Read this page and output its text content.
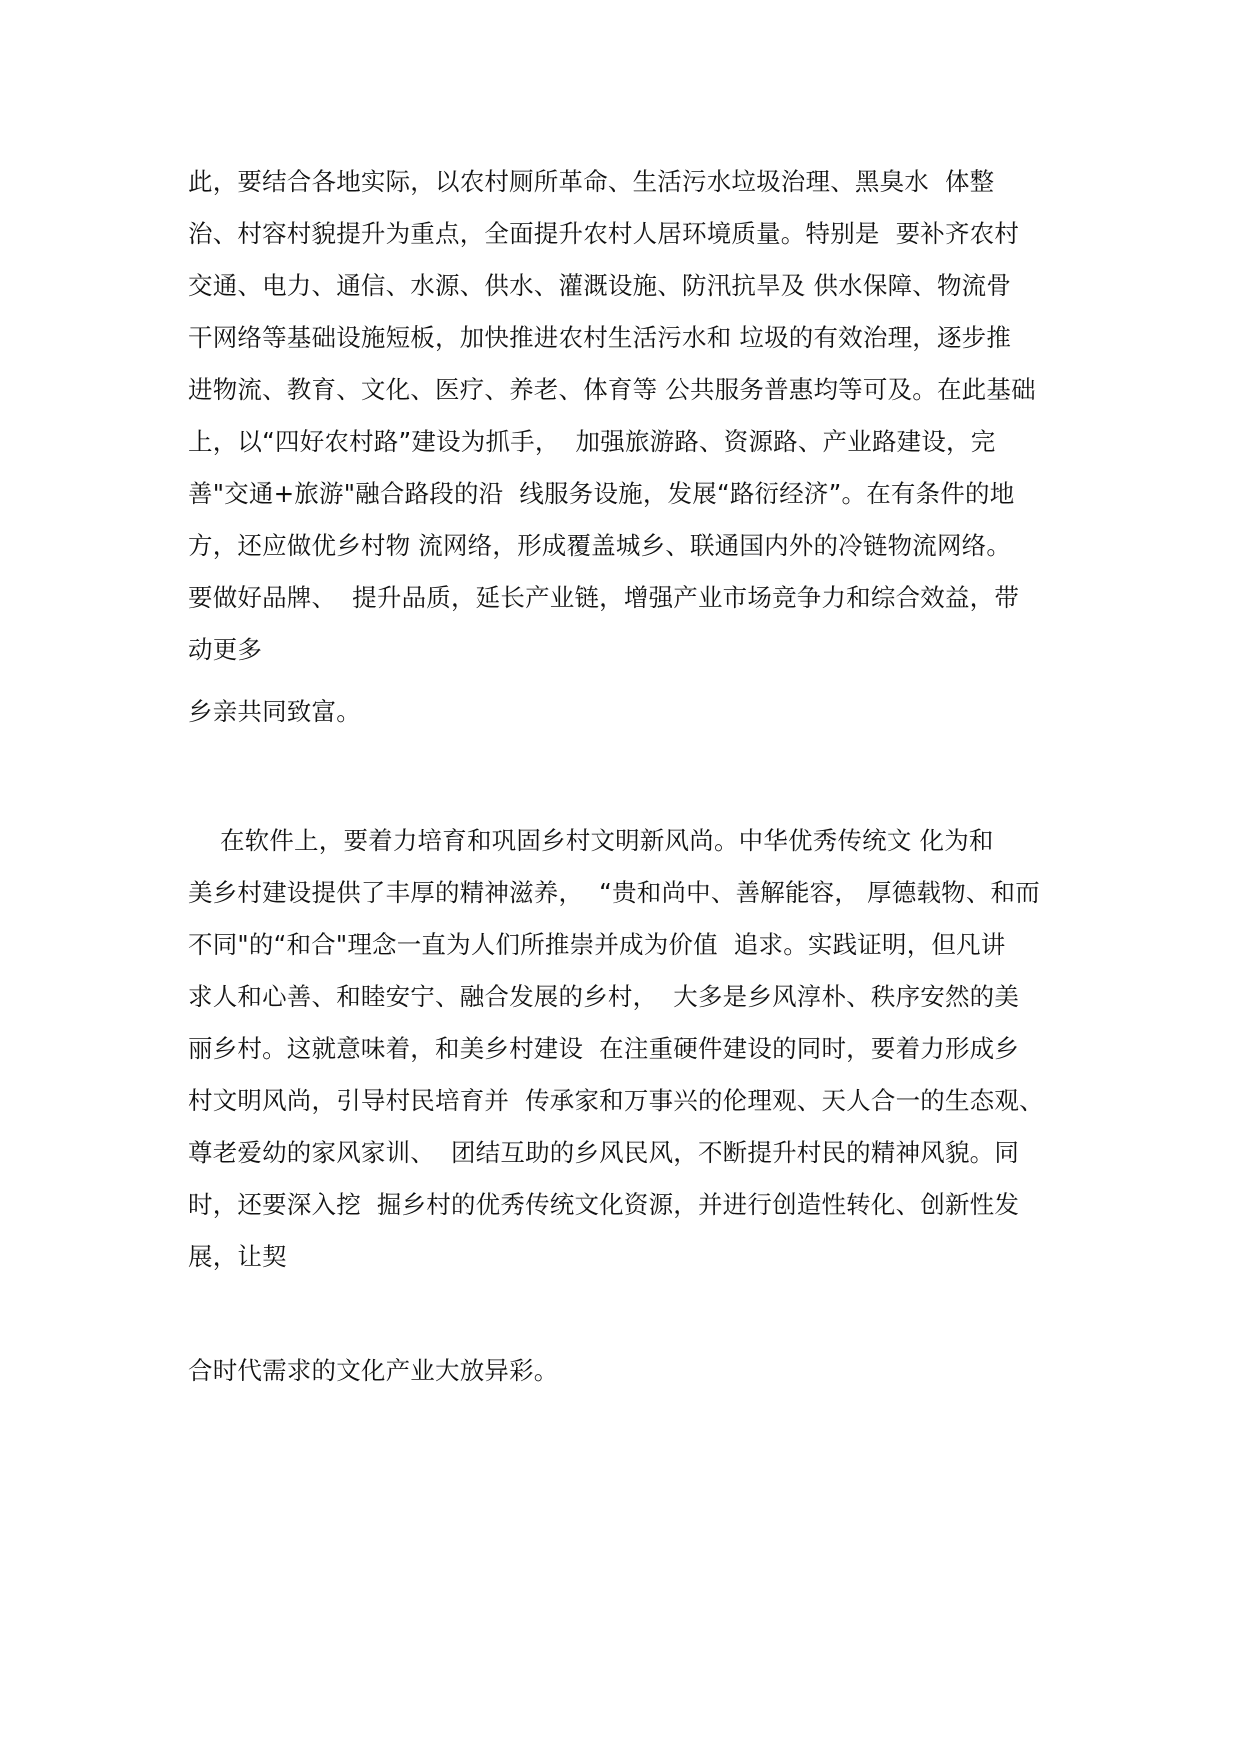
此，要结合各地实际，以农村厕所革命、生活污水垃圾治理、黑臭水  体整
治、村容村貌提升为重点，全面提升农村人居环境质量。特别是  要补齐农村
交通、电力、通信、水源、供水、灌溉设施、防汛抗旱及 供水保障、物流骨
干网络等基础设施短板，加快推进农村生活污水和 垃圾的有效治理，逐步推
进物流、教育、文化、医疗、养老、体育等 公共服务普惠均等可及。在此基础
上，以“四好农村路”建设为抓手，  加强旅游路、资源路、产业路建设，完
善"交通+旅游"融合路段的沿  线服务设施，发展“路衍经济”。在有条件的地
方，还应做优乡村物 流网络，形成覆盖城乡、联通国内外的冷链物流网络。
要做好品牌、  提升品质，延长产业链，增强产业市场竞争力和综合效益，带
动更多
乡亲共同致富。
在软件上，要着力培育和巩固乡村文明新风尚。中华优秀传统文 化为和
美乡村建设提供了丰厚的精神滋养，  “贵和尚中、善解能容， 厚德载物、和而
不同"的“和合"理念一直为人们所推崇并成为价值  追求。实践证明，但凡讲
求人和心善、和睦安宁、融合发展的乡村，  大多是乡风淳朴、秩序安然的美
丽乡村。这就意味着，和美乡村建设  在注重硬件建设的同时，要着力形成乡
村文明风尚，引导村民培育并  传承家和万事兴的伦理观、天人合一的生态观、
尊老爱幼的家风家训、  团结互助的乡风民风，不断提升村民的精神风貌。同
时，还要深入挖  掘乡村的优秀传统文化资源，并进行创造性转化、创新性发
展，让契
合时代需求的文化产业大放异彩。
